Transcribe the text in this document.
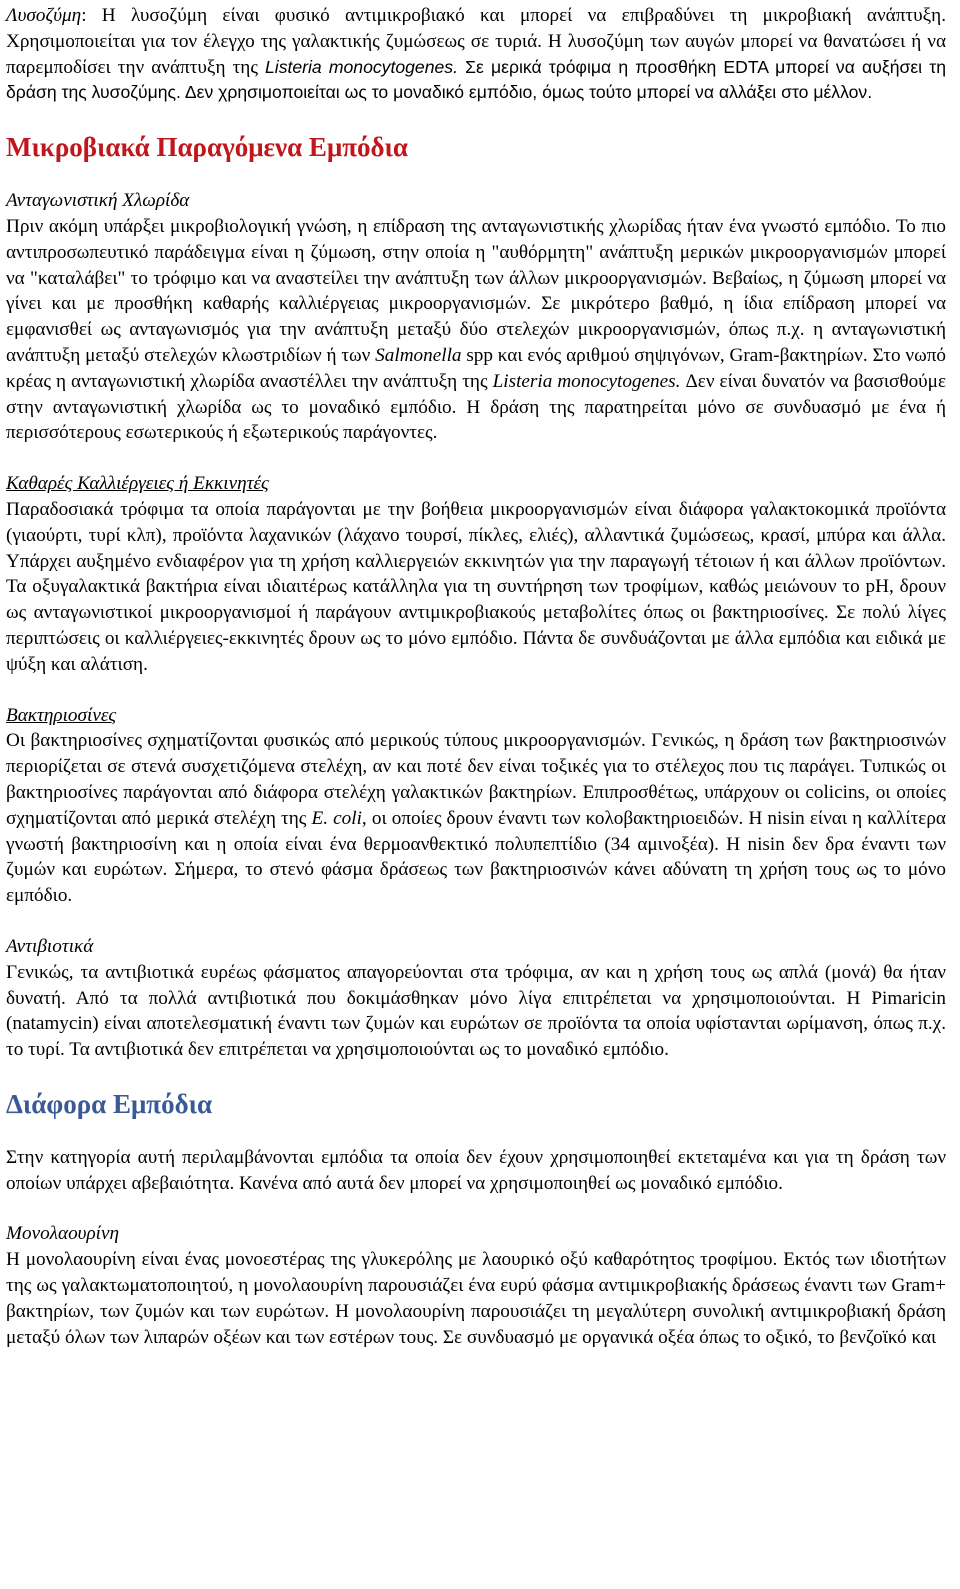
Λυσοζύμη: Η λυσοζύμη είναι φυσικό αντιμικροβιακό και μπορεί να επιβραδύνει τη μικροβιακή ανάπτυξη. Χρησιμοποιείται για τον έλεγχο της γαλακτικής ζυμώσεως σε τυριά. Η λυσοζύμη των αυγών μπορεί να θανατώσει ή να παρεμποδίσει την ανάπτυξη της Listeria monocytogenes. Σε μερικά τρόφιμα η προσθήκη EDTA μπορεί να αυξήσει τη δράση της λυσοζύμης. Δεν χρησιμοποιείται ως το μοναδικό εμπόδιο, όμως τούτο μπορεί να αλλάξει στο μέλλον.

Μικροβιακά Παραγόμενα Εμπόδια
Ανταγωνιστική Χλωρίδα

Πριν ακόμη υπάρξει μικροβιολογική γνώση, η επίδραση της ανταγωνιστικής χλωρίδας ήταν ένα γνωστό εμπόδιο. Το πιο αντιπροσωπευτικό παράδειγμα είναι η ζύμωση, στην οποία η "αυθόρμητη" ανάπτυξη μερικών μικροοργανισμών μπορεί να "καταλάβει" το τρόφιμο και να αναστείλει την ανάπτυξη των άλλων μικροοργανισμών. Βεβαίως, η ζύμωση μπορεί να γίνει και με προσθήκη καθαρής καλλιέργειας μικροοργανισμών. Σε μικρότερο βαθμό, η ίδια επίδραση μπορεί να εμφανισθεί ως ανταγωνισμός για την ανάπτυξη μεταξύ δύο στελεχών μικροοργανισμών, όπως π.χ. η ανταγωνιστική ανάπτυξη μεταξύ στελεχών κλωστριδίων ή των Salmonella spp και ενός αριθμού σηψιγόνων, Gram-βακτηρίων. Στο νωπό κρέας η ανταγωνιστική χλωρίδα αναστέλλει την ανάπτυξη της Listeria monocytogenes. Δεν είναι δυνατόν να βασισθούμε στην ανταγωνιστική χλωρίδα ως το μοναδικό εμπόδιο. Η δράση της παρατηρείται μόνο σε συνδυασμό με ένα ή περισσότερους εσωτερικούς ή εξωτερικούς παράγοντες.

Καθαρές Καλλιέργειες ή Εκκινητές

Παραδοσιακά τρόφιμα τα οποία παράγονται με την βοήθεια μικροοργανισμών είναι διάφορα γαλακτοκομικά προϊόντα (γιαούρτι, τυρί κλπ), προϊόντα λαχανικών (λάχανο τουρσί, πίκλες, ελιές), αλλαντικά ζυμώσεως, κρασί, μπύρα και άλλα. Υπάρχει αυξημένο ενδιαφέρον για τη χρήση καλλιεργειών εκκινητών για την παραγωγή τέτοιων ή και άλλων προϊόντων. Τα οξυγαλακτικά βακτήρια είναι ιδιαιτέρως κατάλληλα για τη συντήρηση των τροφίμων, καθώς μειώνουν το pH, δρουν ως ανταγωνιστικοί μικροοργανισμοί ή παράγουν αντιμικροβιακούς μεταβολίτες όπως οι βακτηριοσίνες. Σε πολύ λίγες περιπτώσεις οι καλλιέργειες-εκκινητές δρουν ως το μόνο εμπόδιο. Πάντα δε συνδυάζονται με άλλα εμπόδια και ειδικά με ψύξη και αλάτιση.

Βακτηριοσίνες

Οι βακτηριοσίνες σχηματίζονται φυσικώς από μερικούς τύπους μικροοργανισμών. Γενικώς, η δράση των βακτηριοσινών περιορίζεται σε στενά συσχετιζόμενα στελέχη, αν και ποτέ δεν είναι τοξικές για το στέλεχος που τις παράγει. Τυπικώς οι βακτηριοσίνες παράγονται από διάφορα στελέχη γαλακτικών βακτηρίων. Επιπροσθέτως, υπάρχουν οι colicins, οι οποίες σχηματίζονται από μερικά στελέχη της E. coli, οι οποίες δρουν έναντι των κολοβακτηριοειδών. Η nisin είναι η καλλίτερα γνωστή βακτηριοσίνη και η οποία είναι ένα θερμοανθεκτικό πολυπεπτίδιο (34 αμινοξέα). Η nisin δεν δρα έναντι των ζυμών και ευρώτων. Σήμερα, το στενό φάσμα δράσεως των βακτηριοσινών κάνει αδύνατη τη χρήση τους ως το μόνο εμπόδιο.

Αντιβιοτικά

Γενικώς, τα αντιβιοτικά ευρέως φάσματος απαγορεύονται στα τρόφιμα, αν και η χρήση τους ως απλά (μονά) θα ήταν δυνατή. Από τα πολλά αντιβιοτικά που δοκιμάσθηκαν μόνο λίγα επιτρέπεται να χρησιμοποιούνται. Η Pimaricin (natamycin) είναι αποτελεσματική έναντι των ζυμών και ευρώτων σε προϊόντα τα οποία υφίστανται ωρίμανση, όπως π.χ. το τυρί. Τα αντιβιοτικά δεν επιτρέπεται να χρησιμοποιούνται ως το μοναδικό εμπόδιο.

Διάφορα Εμπόδια

Στην κατηγορία αυτή περιλαμβάνονται εμπόδια τα οποία δεν έχουν χρησιμοποιηθεί εκτεταμένα και για τη δράση των οποίων υπάρχει αβεβαιότητα. Κανένα από αυτά δεν μπορεί να χρησιμοποιηθεί ως μοναδικό εμπόδιο.

Μονολαουρίνη

Η μονολαουρίνη είναι ένας μονοεστέρας της γλυκερόλης με λαουρικό οξύ καθαρότητος τροφίμου. Εκτός των ιδιοτήτων της ως γαλακτωματοποιητού, η μονολαουρίνη παρουσιάζει ένα ευρύ φάσμα αντιμικροβιακής δράσεως έναντι των Gram+ βακτηρίων, των ζυμών και των ευρώτων. Η μονολαουρίνη παρουσιάζει τη μεγαλύτερη συνολική αντιμικροβιακή δράση μεταξύ όλων των λιπαρών οξέων και των εστέρων τους. Σε συνδυασμό με οργανικά οξέα όπως το οξικό, το βενζοϊκό και
